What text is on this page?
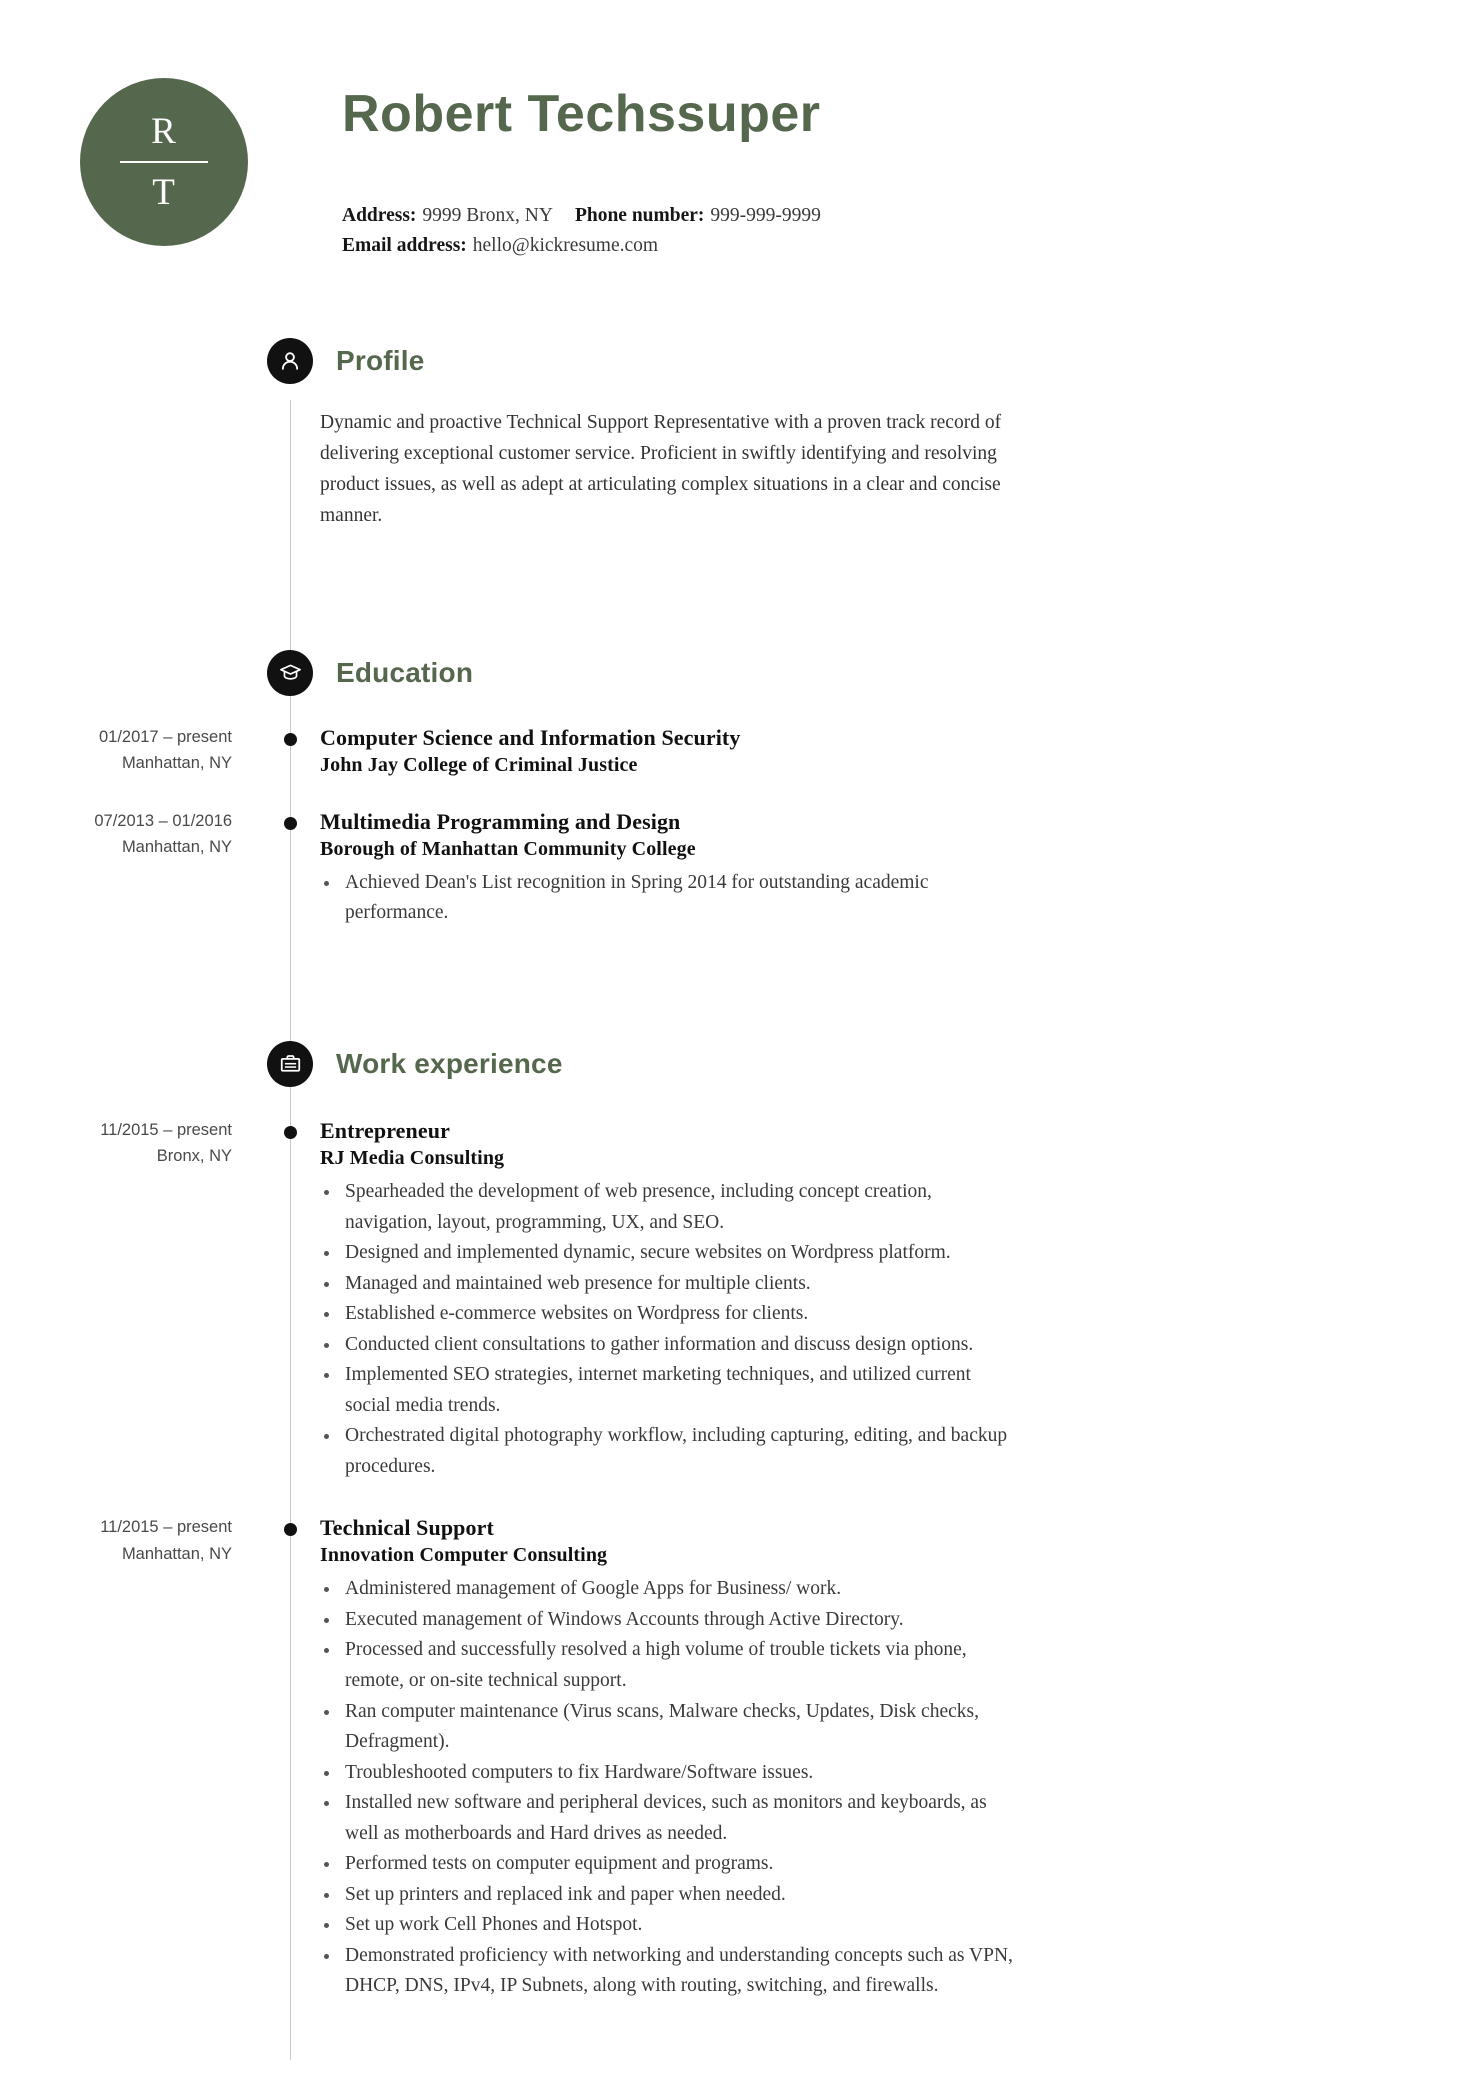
R
T
Robert Techssuper
Address: 9999 Bronx, NY Phone number: 999-999-9999
Email address: hello@kickresume.com
Profile

Dynamic and proactive Technical Support Representative with a proven track record of delivering exceptional customer service. Proficient in swiftly identifying and resolving product issues, as well as adept at articulating complex situations in a clear and concise manner.

Education
01/2017 – present
Manhattan, NY
Computer Science and Information Security
John Jay College of Criminal Justice
07/2013 – 01/2016
Manhattan, NY
Multimedia Programming and Design
Borough of Manhattan Community College
Achieved Dean's List recognition in Spring 2014 for outstanding academic performance.
Work experience
11/2015 – present
Bronx, NY
Entrepreneur
RJ Media Consulting
Spearheaded the development of web presence, including concept creation, navigation, layout, programming, UX, and SEO.
Designed and implemented dynamic, secure websites on Wordpress platform.
Managed and maintained web presence for multiple clients.
Established e-commerce websites on Wordpress for clients.
Conducted client consultations to gather information and discuss design options.
Implemented SEO strategies, internet marketing techniques, and utilized current social media trends.
Orchestrated digital photography workflow, including capturing, editing, and backup procedures.
11/2015 – present
Manhattan, NY
Technical Support
Innovation Computer Consulting
Administered management of Google Apps for Business/ work.
Executed management of Windows Accounts through Active Directory.
Processed and successfully resolved a high volume of trouble tickets via phone, remote, or on-site technical support.
Ran computer maintenance (Virus scans, Malware checks, Updates, Disk checks, Defragment).
Troubleshooted computers to fix Hardware/Software issues.
Installed new software and peripheral devices, such as monitors and keyboards, as well as motherboards and Hard drives as needed.
Performed tests on computer equipment and programs.
Set up printers and replaced ink and paper when needed.
Set up work Cell Phones and Hotspot.
Demonstrated proficiency with networking and understanding concepts such as VPN, DHCP, DNS, IPv4, IP Subnets, along with routing, switching, and firewalls.
